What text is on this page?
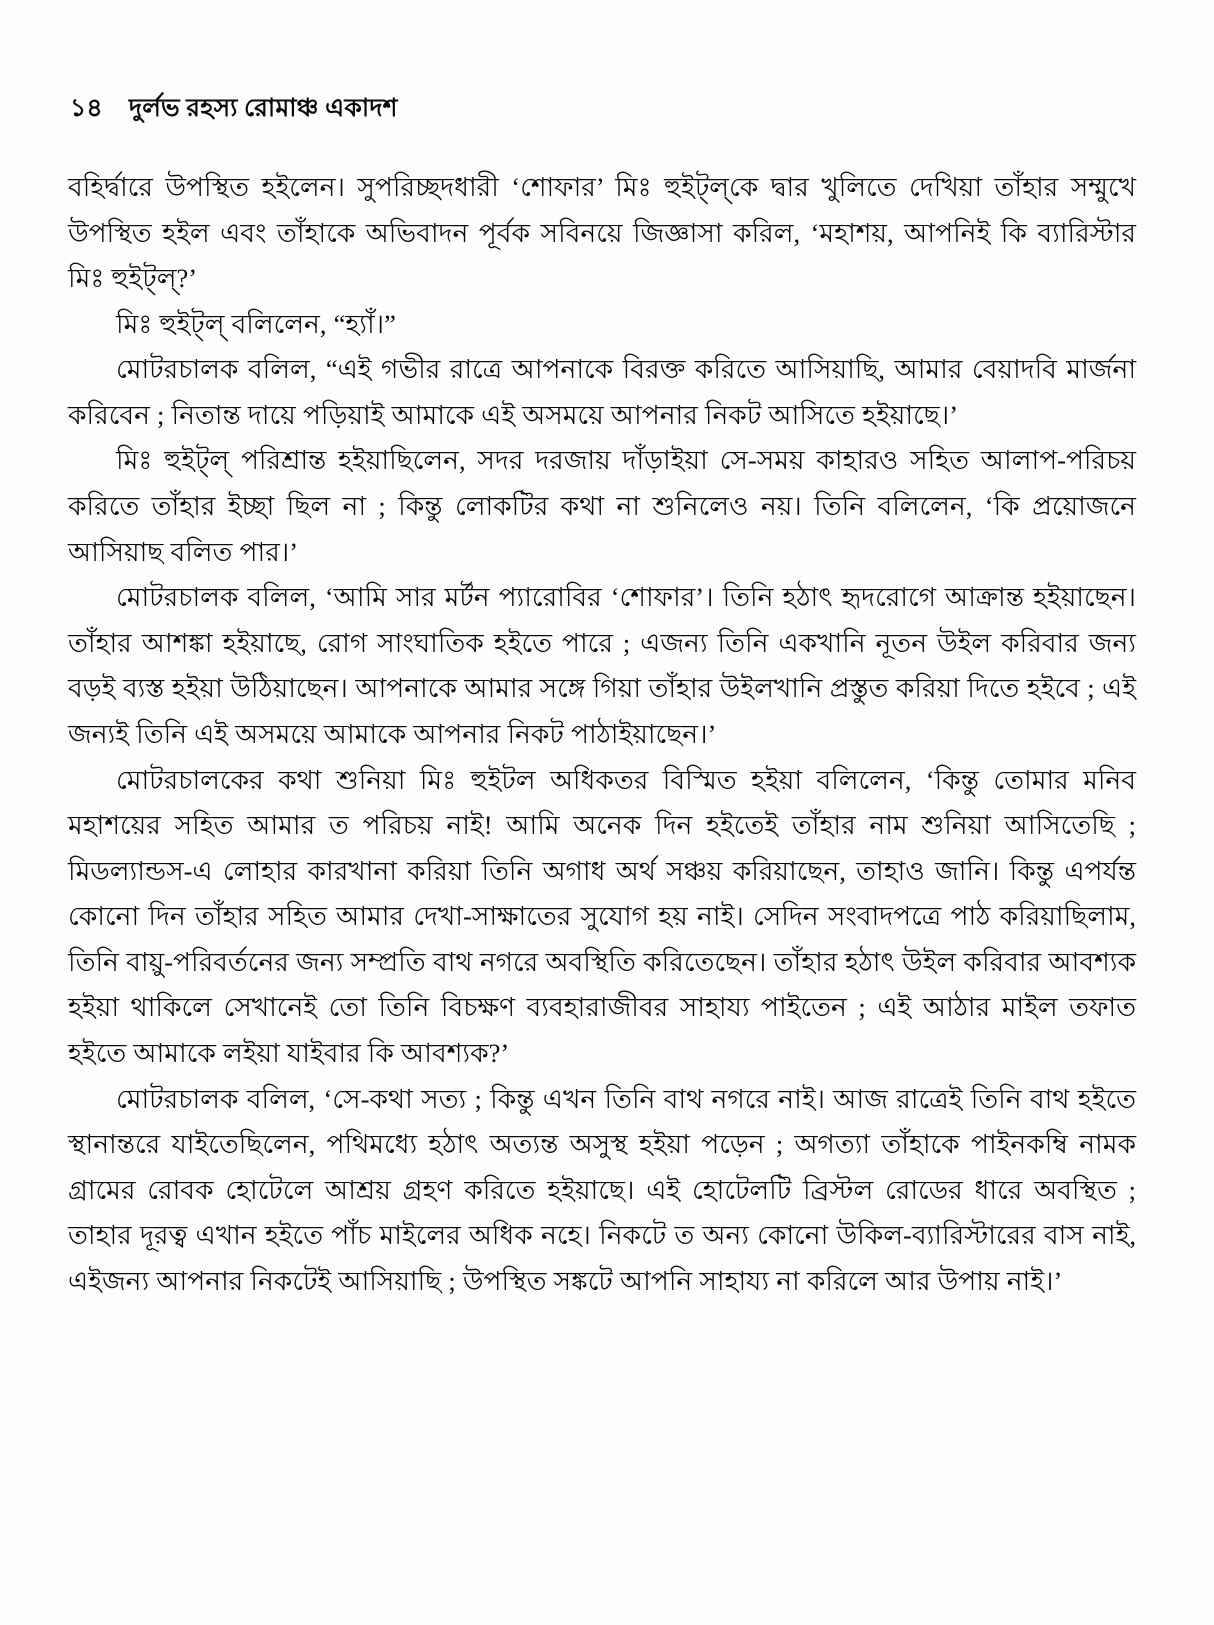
১৪ দুর্লভ রহস্য রোমাঞ্চ একাদশ

বহির্দ্বারে উপস্থিত হইলেন। সুপরিচ্ছদধারী ‘শোফার’ মিঃ হুইট্‌ল্‌কে দ্বার খুলিতে দেখিয়া তাঁহার সম্মুখে উপস্থিত হইল এবং তাঁহাকে অভিবাদন পূর্বক সবিনয়ে জিজ্ঞাসা করিল, ‘মহাশয়, আপনিই কি ব্যারিস্টার মিঃ হুইট্‌ল্‌?’

মিঃ হুইট্‌ল্‌ বলিলেন, “হ্যাঁ।”

মোটরচালক বলিল, “এই গভীর রাত্রে আপনাকে বিরক্ত করিতে আসিয়াছি, আমার বেয়াদবি মার্জনা করিবেন ; নিতান্ত দায়ে পড়িয়াই আমাকে এই অসময়ে আপনার নিকট আসিতে হইয়াছে।’

মিঃ হুইট্‌ল্‌ পরিশ্রান্ত হইয়াছিলেন, সদর দরজায় দাঁড়াইয়া সে-সময় কাহারও সহিত আলাপ-পরিচয় করিতে তাঁহার ইচ্ছা ছিল না ; কিন্তু লোকটির কথা না শুনিলেও নয়। তিনি বলিলেন, ‘কি প্রয়োজনে আসিয়াছ বলিত পার।’

মোটরচালক বলিল, ‘আমি সার মর্টন প্যারোবির ‘শোফার’। তিনি হঠাৎ হৃদরোগে আক্রান্ত হইয়াছেন। তাঁহার আশঙ্কা হইয়াছে, রোগ সাংঘাতিক হইতে পারে ; এজন্য তিনি একখানি নূতন উইল করিবার জন্য বড়ই ব্যস্ত হইয়া উঠিয়াছেন। আপনাকে আমার সঙ্গে গিয়া তাঁহার উইলখানি প্রস্তুত করিয়া দিতে হইবে ; এই জন্যই তিনি এই অসময়ে আমাকে আপনার নিকট পাঠাইয়াছেন।’

মোটরচালকের কথা শুনিয়া মিঃ হুইটল অধিকতর বিস্মিত হইয়া বলিলেন, ‘কিন্তু তোমার মনিব মহাশয়ের সহিত আমার ত পরিচয় নাই! আমি অনেক দিন হইতেই তাঁহার নাম শুনিয়া আসিতেছি ; মিডল্যান্ডস-এ লোহার কারখানা করিয়া তিনি অগাধ অর্থ সঞ্চয় করিয়াছেন, তাহাও জানি। কিন্তু এপর্যন্ত কোনো দিন তাঁহার সহিত আমার দেখা-সাক্ষাতের সুযোগ হয় নাই। সেদিন সংবাদপত্রে পাঠ করিয়াছিলাম, তিনি বায়ু-পরিবর্তনের জন্য সম্প্রতি বাথ নগরে অবস্থিতি করিতেছেন। তাঁহার হঠাৎ উইল করিবার আবশ্যক হইয়া থাকিলে সেখানেই তো তিনি বিচক্ষণ ব্যবহারাজীবর সাহায্য পাইতেন ; এই আঠার মাইল তফাত হইতে আমাকে লইয়া যাইবার কি আবশ্যক?’

মোটরচালক বলিল, ‘সে-কথা সত্য ; কিন্তু এখন তিনি বাথ নগরে নাই। আজ রাত্রেই তিনি বাথ হইতে স্থানান্তরে যাইতেছিলেন, পথিমধ্যে হঠাৎ অত্যন্ত অসুস্থ হইয়া পড়েন ; অগত্যা তাঁহাকে পাইনকম্বি নামক গ্রামের রোবক হোটেলে আশ্রয় গ্রহণ করিতে হইয়াছে। এই হোটেলটি ব্রিস্টল রোডের ধারে অবস্থিত ; তাহার দূরত্ব এখান হইতে পাঁচ মাইলের অধিক নহে। নিকটে ত অন্য কোনো উকিল-ব্যারিস্টারের বাস নাই, এইজন্য আপনার নিকটেই আসিয়াছি ; উপস্থিত সঙ্কটে আপনি সাহায্য না করিলে আর উপায় নাই।’
